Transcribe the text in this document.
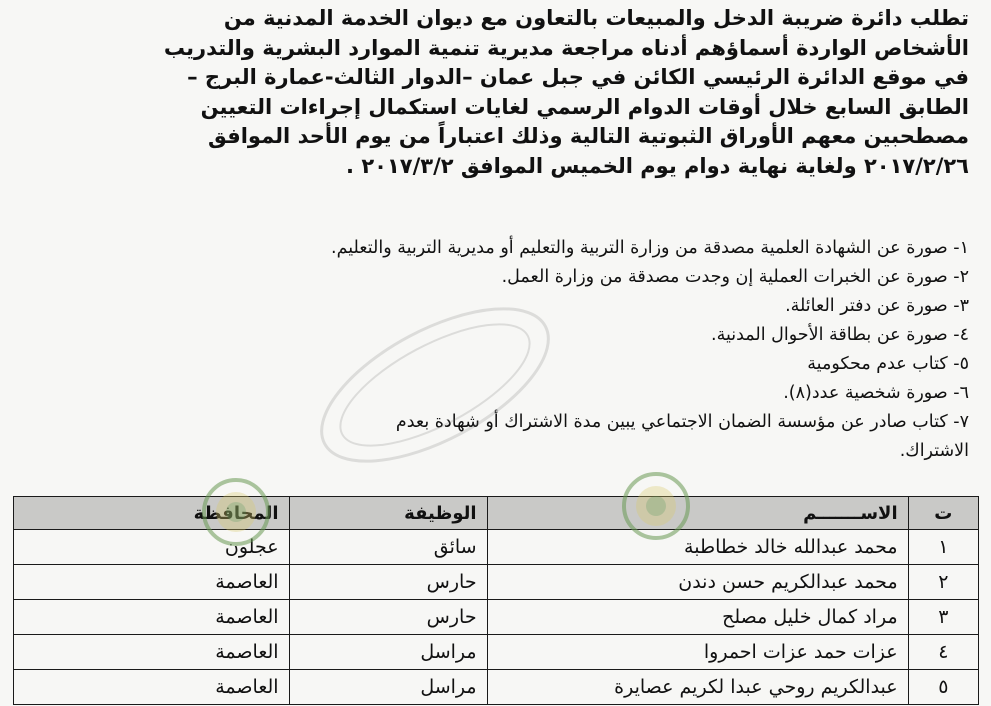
تطلب دائرة ضريبة الدخل والمبيعات بالتعاون مع ديوان الخدمة المدنية من
الأشخاص الواردة أسماؤهم أدناه مراجعة مديرية تنمية الموارد البشرية والتدريب
في موقع الدائرة الرئيسي الكائن في جبل عمان –الدوار الثالث-عمارة البرج –
الطابق السابع خلال أوقات الدوام الرسمي لغايات استكمال إجراءات التعيين
مصطحبين معهم الأوراق الثبوتية التالية وذلك اعتباراً من يوم الأحد الموافق
٢٠١٧/٢/٢٦ ولغاية نهاية دوام يوم الخميس الموافق ٢٠١٧/٣/٢ .
١- صورة عن الشهادة العلمية مصدقة من وزارة التربية والتعليم أو مديرية التربية والتعليم.
٢- صورة عن الخبرات العملية إن وجدت مصدقة من وزارة العمل.
٣- صورة عن دفتر العائلة.
٤- صورة عن بطاقة الأحوال المدنية.
٥- كتاب عدم محكومية
٦- صورة شخصية عدد(٨).
٧- كتاب صادر عن مؤسسة الضمان الاجتماعي يبين مدة الاشتراك أو شهادة بعدم
الاشتراك.
ت	الاســـــــم	الوظيفة	المحافظة
١	محمد عبدالله خالد خطاطبة	سائق	عجلون
٢	محمد عبدالكريم حسن دندن	حارس	العاصمة
٣	مراد كمال خليل مصلح	حارس	العاصمة
٤	عزات حمد عزات احمروا	مراسل	العاصمة
٥	عبدالكريم روحي عبدا لكريم عصايرة	مراسل	العاصمة
